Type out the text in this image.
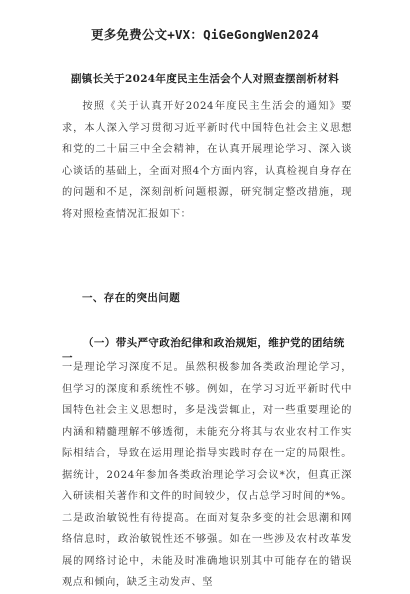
更多免费公文+VX：QiGeGongWen2024
副镇长关于2024年度民主生活会个人对照查摆剖析材料
按照《关于认真开好2024年度民主生活会的通知》要求，本人深入学习贯彻习近平新时代中国特色社会主义思想和党的二十届三中全会精神，在认真开展理论学习、深入谈心谈话的基础上，全面对照4个方面内容，认真检视自身存在的问题和不足，深刻剖析问题根源，研究制定整改措施，现将对照检查情况汇报如下：
一、存在的突出问题
（一）带头严守政治纪律和政治规矩，维护党的团结统一
一是理论学习深度不足。虽然积极参加各类政治理论学习，但学习的深度和系统性不够。例如，在学习习近平新时代中国特色社会主义思想时，多是浅尝辄止，对一些重要理论的内涵和精髓理解不够透彻，未能充分将其与农业农村工作实际相结合，导致在运用理论指导实践时存在一定的局限性。据统计，2024年参加各类政治理论学习会议*次，但真正深入研读相关著作和文件的时间较少，仅占总学习时间的*%。二是政治敏锐性有待提高。在面对复杂多变的社会思潮和网络信息时，政治敏锐性还不够强。如在一些涉及农村改革发展的网络讨论中，未能及时准确地识别其中可能存在的错误观点和倾向，缺乏主动发声、坚
